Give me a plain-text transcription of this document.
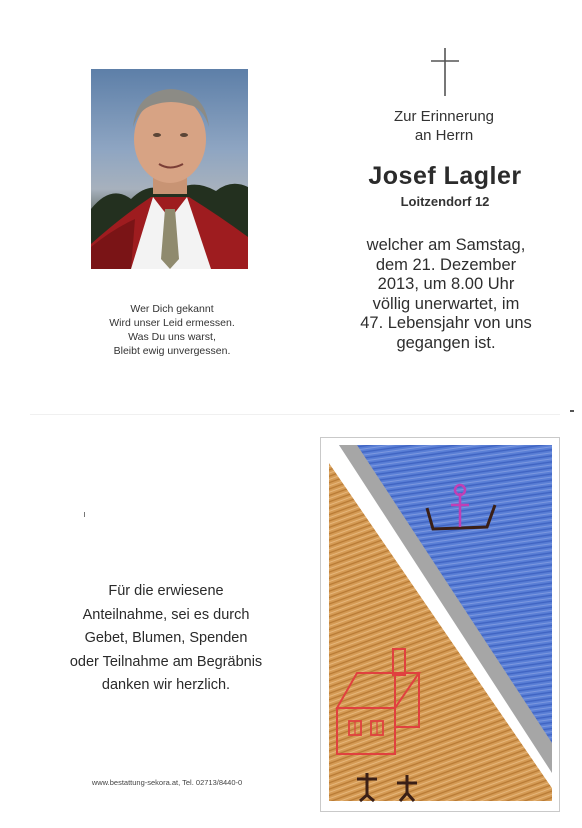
Wer Dich gekannt
Wird unser Leid ermessen.
Was Du uns warst,
Bleibt ewig unvergessen.
Zur Erinnerung
an Herrn
Josef Lagler
Loitzendorf 12
welcher am Samstag,
dem 21. Dezember
2013, um 8.00 Uhr
völlig unerwartet, im
47. Lebensjahr von uns
gegangen ist.
Für die erwiesene
Anteilnahme, sei es durch
Gebet, Blumen, Spenden
oder Teilnahme am Begräbnis
danken wir herzlich.
www.bestattung-sekora.at, Tel. 02713/8440-0
